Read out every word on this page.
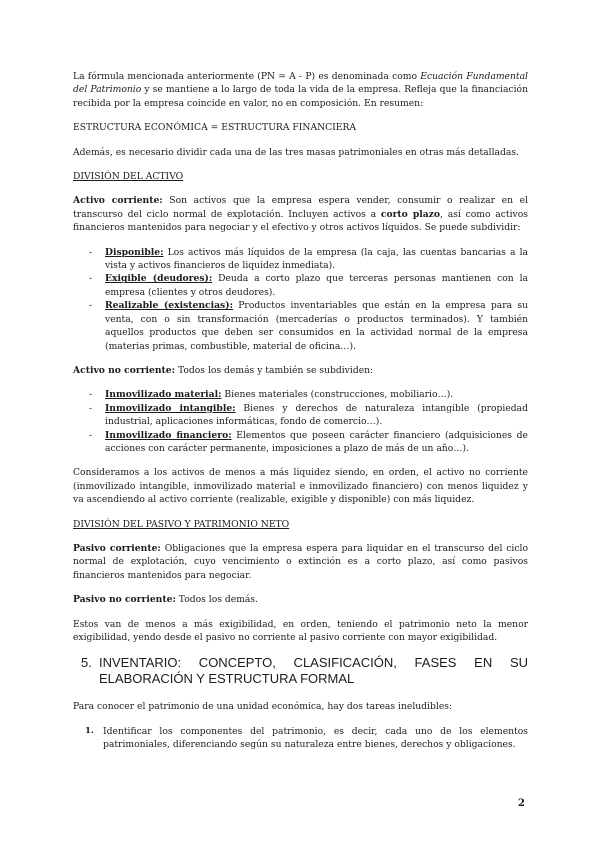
La fórmula mencionada anteriormente (PN = A - P) es denominada como Ecuación Fundamental del Patrimonio y se mantiene a lo largo de toda la vida de la empresa. Refleja que la financiación recibida por la empresa coincide en valor, no en composición. En resumen:

ESTRUCTURA ECONÓMICA = ESTRUCTURA FINANCIERA

Además, es necesario dividir cada una de las tres masas patrimoniales en otras más detalladas.

DIVISIÓN DEL ACTIVO

Activo corriente: Son activos que la empresa espera vender, consumir o realizar en el transcurso del ciclo normal de explotación. Incluyen activos a corto plazo, así como activos financieros mantenidos para negociar y el efectivo y otros activos líquidos. Se puede subdividir:

- Disponible: Los activos más líquidos de la empresa (la caja, las cuentas bancarias a la vista y activos financieros de liquidez inmediata).
- Exigible (deudores): Deuda a corto plazo que terceras personas mantienen con la empresa (clientes y otros deudores).
- Realizable (existencias): Productos inventariables que están en la empresa para su venta, con o sin transformación (mercaderías o productos terminados). Y también aquellos productos que deben ser consumidos en la actividad normal de la empresa (materias primas, combustible, material de oficina…).

Activo no corriente: Todos los demás y también se subdividen:

- Inmovilizado material: Bienes materiales (construcciones, mobiliario…).
- Inmovilizado intangible: Bienes y derechos de naturaleza intangible (propiedad industrial, aplicaciones informáticas, fondo de comercio…).
- Inmovilizado financiero: Elementos que poseen carácter financiero (adquisiciones de acciones con carácter permanente, imposiciones a plazo de más de un año…).

Consideramos a los activos de menos a más liquidez siendo, en orden, el activo no corriente (inmovilizado intangible, inmovilizado material e inmovilizado financiero) con menos liquidez y va ascendiendo al activo corriente (realizable, exigible y disponible) con más liquidez.

DIVISIÓN DEL PASIVO Y PATRIMONIO NETO

Pasivo corriente: Obligaciones que la empresa espera para liquidar en el transcurso del ciclo normal de explotación, cuyo vencimiento o extinción es a corto plazo, así como pasivos financieros mantenidos para negociar.

Pasivo no corriente: Todos los demás.

Estos van de menos a más exigibilidad, en orden, teniendo el patrimonio neto la menor exigibilidad, yendo desde el pasivo no corriente al pasivo corriente con mayor exigibilidad.

5. INVENTARIO: CONCEPTO, CLASIFICACIÓN, FASES EN SU ELABORACIÓN Y ESTRUCTURA FORMAL

Para conocer el patrimonio de una unidad económica, hay dos tareas ineludibles:

1. Identificar los componentes del patrimonio, es decir, cada uno de los elementos patrimoniales, diferenciando según su naturaleza entre bienes, derechos y obligaciones.
2
